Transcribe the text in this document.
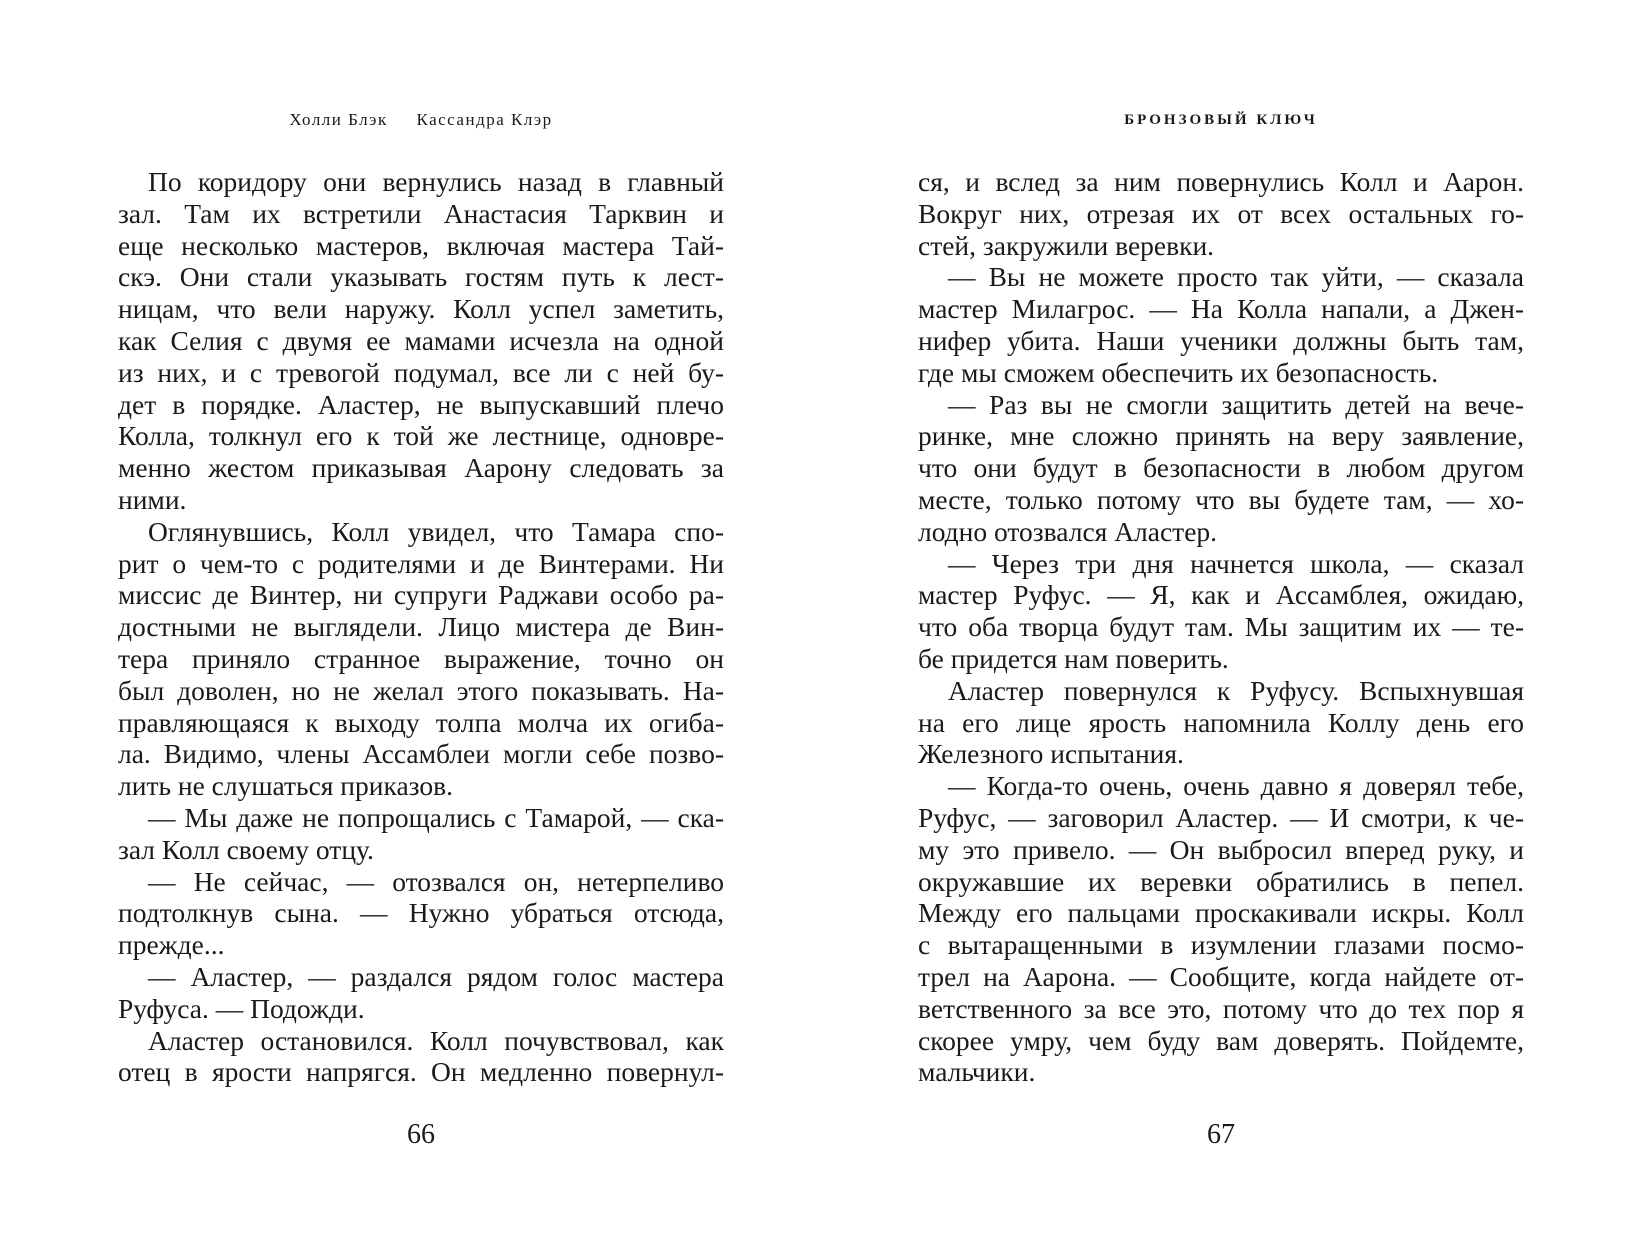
Холли Блэк     Кассандра Клэр
По коридору они вернулись назад в главный
зал. Там их встретили Анастасия Тарквин и
еще несколько мастеров, включая мастера Тай-
скэ. Они стали указывать гостям путь к лест-
ницам, что вели наружу. Колл успел заметить,
как Селия с двумя ее мамами исчезла на одной
из них, и с тревогой подумал, все ли с ней бу-
дет в порядке. Аластер, не выпускавший плечо
Колла, толкнул его к той же лестнице, одновре-
менно жестом приказывая Аарону следовать за
ними.
Оглянувшись, Колл увидел, что Тамара спо-
рит о чем-то с родителями и де Винтерами. Ни
миссис де Винтер, ни супруги Раджави особо ра-
достными не выглядели. Лицо мистера де Вин-
тера приняло странное выражение, точно он
был доволен, но не желал этого показывать. На-
правляющаяся к выходу толпа молча их огиба-
ла. Видимо, члены Ассамблеи могли себе позво-
лить не слушаться приказов.
— Мы даже не попрощались с Тамарой, — ска-
зал Колл своему отцу.
— Не сейчас, — отозвался он, нетерпеливо
подтолкнув сына. — Нужно убраться отсюда,
прежде...
— Аластер, — раздался рядом голос мастера
Руфуса. — Подожди.
Аластер остановился. Колл почувствовал, как
отец в ярости напрягся. Он медленно повернул-
66
БРОНЗОВЫЙ КЛЮЧ
ся, и вслед за ним повернулись Колл и Аарон.
Вокруг них, отрезая их от всех остальных го-
стей, закружили веревки.
— Вы не можете просто так уйти, — сказала
мастер Милагрос. — На Колла напали, а Джен-
нифер убита. Наши ученики должны быть там,
где мы сможем обеспечить их безопасность.
— Раз вы не смогли защитить детей на вече-
ринке, мне сложно принять на веру заявление,
что они будут в безопасности в любом другом
месте, только потому что вы будете там, — хо-
лодно отозвался Аластер.
— Через три дня начнется школа, — сказал
мастер Руфус. — Я, как и Ассамблея, ожидаю,
что оба творца будут там. Мы защитим их — те-
бе придется нам поверить.
Аластер повернулся к Руфусу. Вспыхнувшая
на его лице ярость напомнила Коллу день его
Железного испытания.
— Когда-то очень, очень давно я доверял тебе,
Руфус, — заговорил Аластер. — И смотри, к че-
му это привело. — Он выбросил вперед руку, и
окружавшие их веревки обратились в пепел.
Между его пальцами проскакивали искры. Колл
с вытаращенными в изумлении глазами посмо-
трел на Аарона. — Сообщите, когда найдете от-
ветственного за все это, потому что до тех пор я
скорее умру, чем буду вам доверять. Пойдемте,
мальчики.
67
